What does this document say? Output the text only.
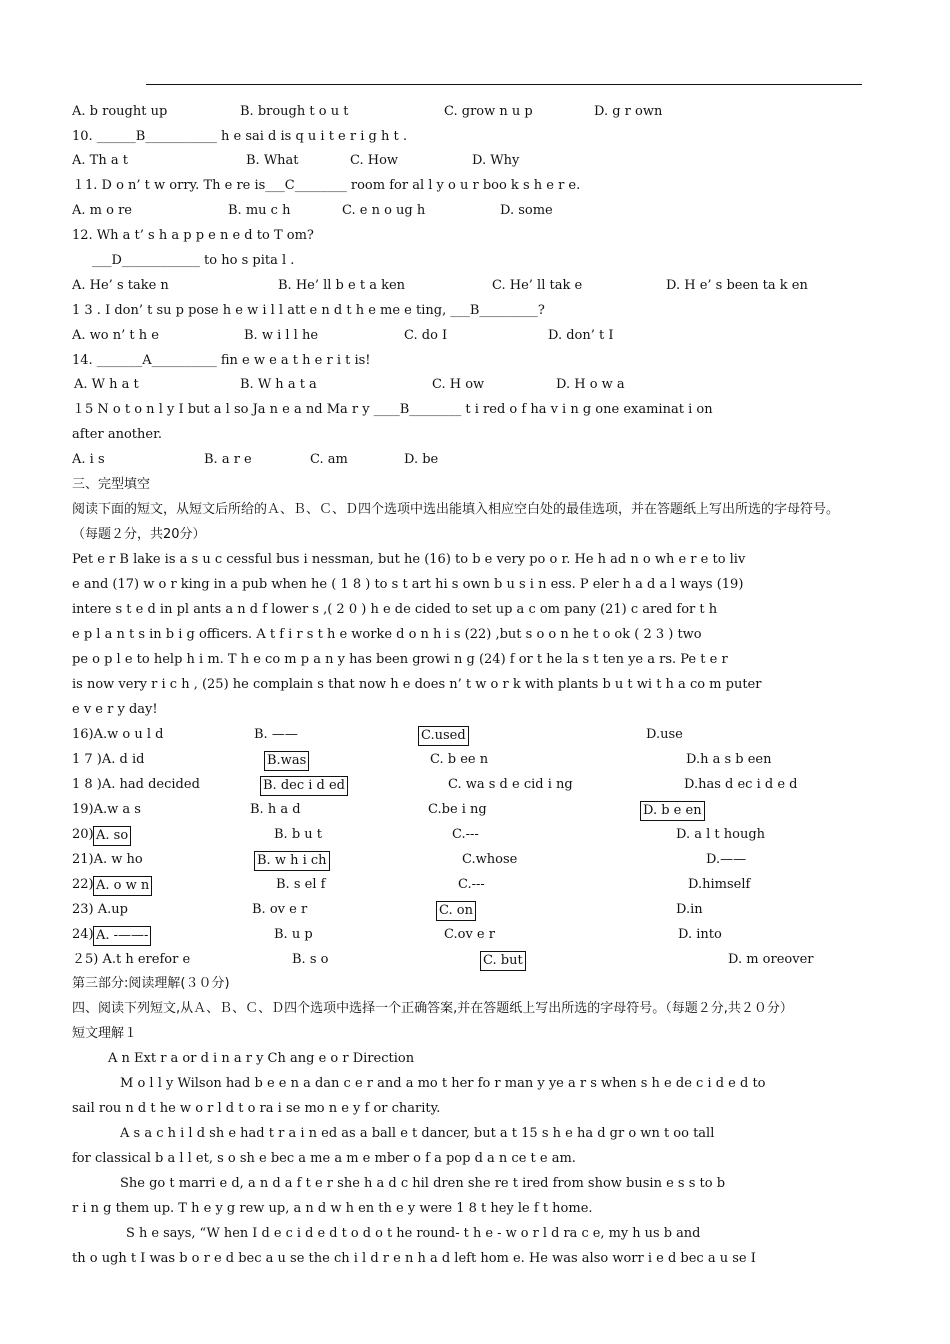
A. b rought up	B. brough t o u t	C. grow n u p	D. g r own
10. ______B___________ h e sai d is q u i t e r i g h t .
A. Th a t	B. What	C. How	D. Why
１1. D o n’ t w orry. Th e re is___C________ room for al l y o u r boo k s h e r e.
A. m o re	B. mu c h	C. e n o ug h	D. some
12. Wh a t’ s h a p p e n e d to T om?
___D____________ to ho s pita l .
A. He’ s take n	B. He’ ll b e t a ken	C. He’ ll tak e	D. H e’ s been ta k en
1 3 . I don’ t su p pose h e w i l l att e n d t h e me e ting, ___B_________?
A. wo n’ t h e	B. w i l l he	C. do I	D. don’ t I
14. _______A__________ fin e w e a t h e r i t is!
A. W h a t	B. W h a t a	C. H ow	D. H o w a
１5 N o t o n l y I but a l so Ja n e a nd Ma r y ____B________ t i red o f ha v i n g one examinat i on
after another.
A. i s	B. a r e	C. am	D. be
三、完型填空
阅读下面的短文，从短文后所给的Ａ、Ｂ、Ｃ、Ｄ四个选项中选出能填入相应空白处的最佳选项，并在答题纸上写出所选的字母符号。
（每题２分，共20分）
Pet e r B lake is a s u c cessful bus i nessman, but he (16) to b e very po o r. He h ad n o wh e r e to liv
e and (17) w o r king in a pub when he ( 1 8 ) to s t art hi s own b u s i n ess. P eler h a d a l ways (19)
intere s t e d in pl ants a n d f lower s ,( 2 0 ) h e de cided to set up a c om pany (21) c ared for t h
e p l a n t s in b i g officers. A t f i r s t h e worke d o n h i s (22) ,but s o o n he t o ok ( 2 3 ) two
pe o p l e to help h i m. T h e co m p a n y has been growi n g (24) f or t he la s t ten ye a rs. Pe t e r
is now very r i c h , (25) he complain s that now h e does n’ t w o r k with plants b u t wi t h a co m puter
e v e r y day!
16)A.w o u l d	B. ——	C.used	D.use
1 7 )A. d id	B.was	C. b ee n	D.h a s b een
1 8 )A. had decided	B. dec i d ed	C. wa s d e cid i ng	D.has d ec i d e d
19)A.w a s	B. h a d	C.be i ng	D. b e en
20) A. so	B. b u t	C.---	D. a l t hough
21)A. w ho	B. w h i ch	C.whose	D.——
22) A. o w n	B. s el f	C.---	D.himself
23) A.up	B. ov e r	C. on	D.in
24) A. -——-	B. u p	C.ov e r	D. into
２5) A.t h erefor e	B. s o	C. but	D. m oreover
第三部分:阅读理解(３０分)
四、阅读下列短文,从Ａ、Ｂ、Ｃ、Ｄ四个选项中选择一个正确答案,并在答题纸上写出所选的字母符号。（每题２分,共２０分）
短文理解１
A n Ext r a or d i n a r y Ch ang e o r Direction
M o l l y Wilson had b e e n a dan c e r and a mo t her fo r man y ye a r s when s h e de c i d e d to
sail rou n d t he w o r l d t o ra i se mo n e y f or charity.
A s a c h i l d sh e had t r a i n ed as a ball e t dancer, but a t 15 s h e ha d gr o wn t oo tall
for classical b a l l et, s o sh e bec a me a m e mber o f a pop d a n ce t e am.
She go t marri e d, a n d a f t e r she h a d c hil dren she re t ired from show busin e s s to b
r i n g them up. T h e y g rew up, a n d w h en th e y were 1 8 t hey le f t home.
S h e says, “W hen I d e c i d e d t o d o t he round- t h e - w o r l d ra c e, my h us b and
th o ugh t I was b o r e d bec a u se the ch i l d r e n h a d left hom e. He was also worr i e d bec a u se I
